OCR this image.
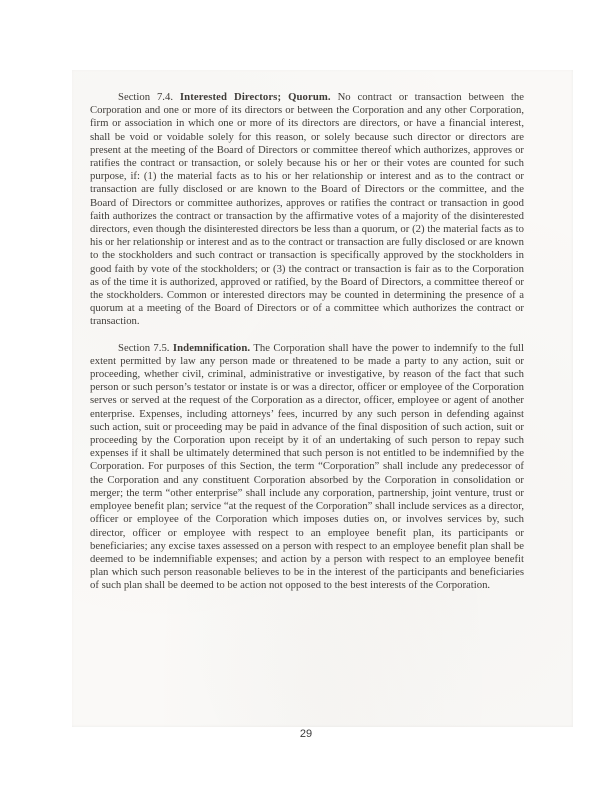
Section 7.4. Interested Directors; Quorum. No contract or transaction between the Corporation and one or more of its directors or between the Corporation and any other Corporation, firm or association in which one or more of its directors are directors, or have a financial interest, shall be void or voidable solely for this reason, or solely because such director or directors are present at the meeting of the Board of Directors or committee thereof which authorizes, approves or ratifies the contract or transaction, or solely because his or her or their votes are counted for such purpose, if: (1) the material facts as to his or her relationship or interest and as to the contract or transaction are fully disclosed or are known to the Board of Directors or the committee, and the Board of Directors or committee authorizes, approves or ratifies the contract or transaction in good faith authorizes the contract or transaction by the affirmative votes of a majority of the disinterested directors, even though the disinterested directors be less than a quorum, or (2) the material facts as to his or her relationship or interest and as to the contract or transaction are fully disclosed or are known to the stockholders and such contract or transaction is specifically approved by the stockholders in good faith by vote of the stockholders; or (3) the contract or transaction is fair as to the Corporation as of the time it is authorized, approved or ratified, by the Board of Directors, a committee thereof or the stockholders. Common or interested directors may be counted in determining the presence of a quorum at a meeting of the Board of Directors or of a committee which authorizes the contract or transaction.

Section 7.5. Indemnification. The Corporation shall have the power to indemnify to the full extent permitted by law any person made or threatened to be made a party to any action, suit or proceeding, whether civil, criminal, administrative or investigative, by reason of the fact that such person or such person’s testator or instate is or was a director, officer or employee of the Corporation serves or served at the request of the Corporation as a director, officer, employee or agent of another enterprise. Expenses, including attorneys’ fees, incurred by any such person in defending against such action, suit or proceeding may be paid in advance of the final disposition of such action, suit or proceeding by the Corporation upon receipt by it of an undertaking of such person to repay such expenses if it shall be ultimately determined that such person is not entitled to be indemnified by the Corporation. For purposes of this Section, the term “Corporation” shall include any predecessor of the Corporation and any constituent Corporation absorbed by the Corporation in consolidation or merger; the term “other enterprise” shall include any corporation, partnership, joint venture, trust or employee benefit plan; service “at the request of the Corporation” shall include services as a director, officer or employee of the Corporation which imposes duties on, or involves services by, such director, officer or employee with respect to an employee benefit plan, its participants or beneficiaries; any excise taxes assessed on a person with respect to an employee benefit plan shall be deemed to be indemnifiable expenses; and action by a person with respect to an employee benefit plan which such person reasonable believes to be in the interest of the participants and beneficiaries of such plan shall be deemed to be action not opposed to the best interests of the Corporation.

29
